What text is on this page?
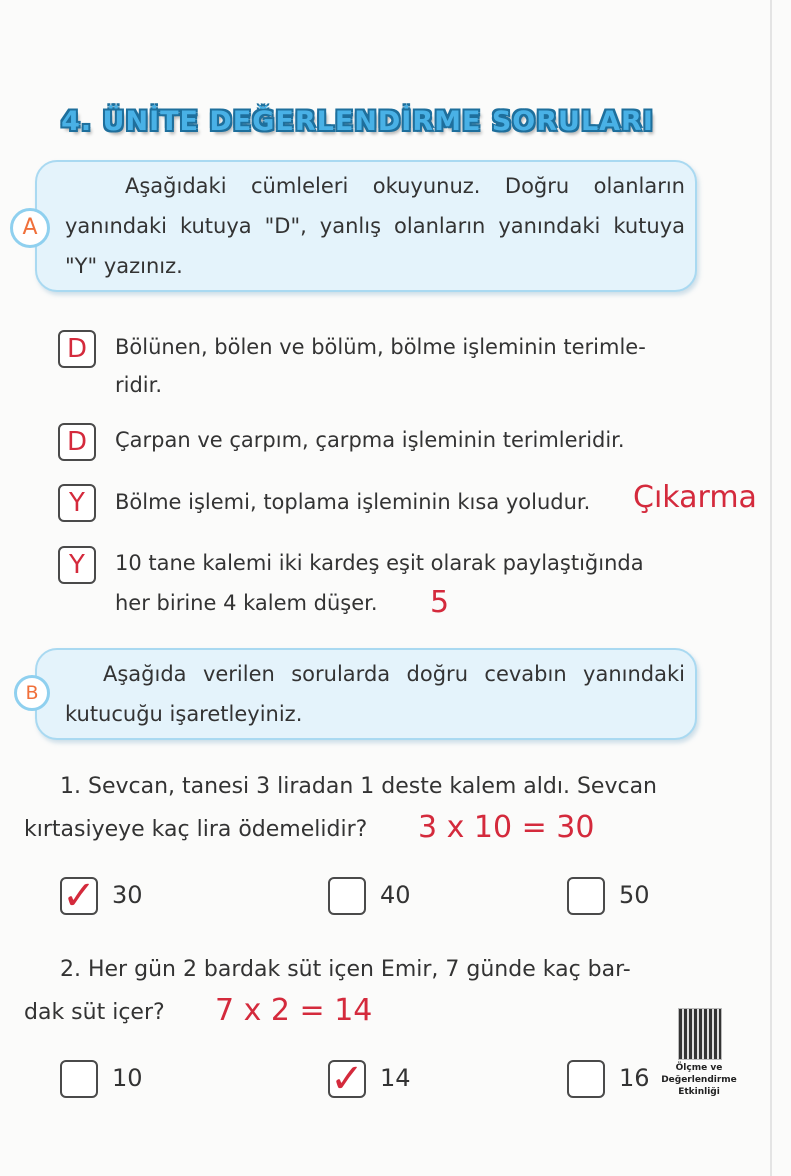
4. ÜNİTE DEĞERLENDİRME SORULARI
Aşağıdaki cümleleri okuyunuz. Doğru olanların yanındaki kutuya "D", yanlış olanların yanındaki kutuya "Y" yazınız.
A
D	Bölünen, bölen ve bölüm, bölme işleminin terimle-
ridir.
D	Çarpan ve çarpım, çarpma işleminin terimleridir.
Y	Bölme işlemi, toplama işleminin kısa yoludur. Çıkarma
Y	10 tane kalemi iki kardeş eşit olarak paylaştığında
her birine 4 kalem düşer. 5
Aşağıda verilen sorularda doğru cevabın yanındaki kutucuğu işaretleyiniz.
B
1. Sevcan, tanesi 3 liradan 1 deste kalem aldı. Sevcan
kırtasiyeye kaç lira ödemelidir? 3 x 10 = 30
✓ 30	40	50
2. Her gün 2 bardak süt içen Emir, 7 günde kaç bar-
dak süt içer? 7 x 2 = 14
10	✓ 14	16	Ölçme ve Değerlendirme Etkinliği
